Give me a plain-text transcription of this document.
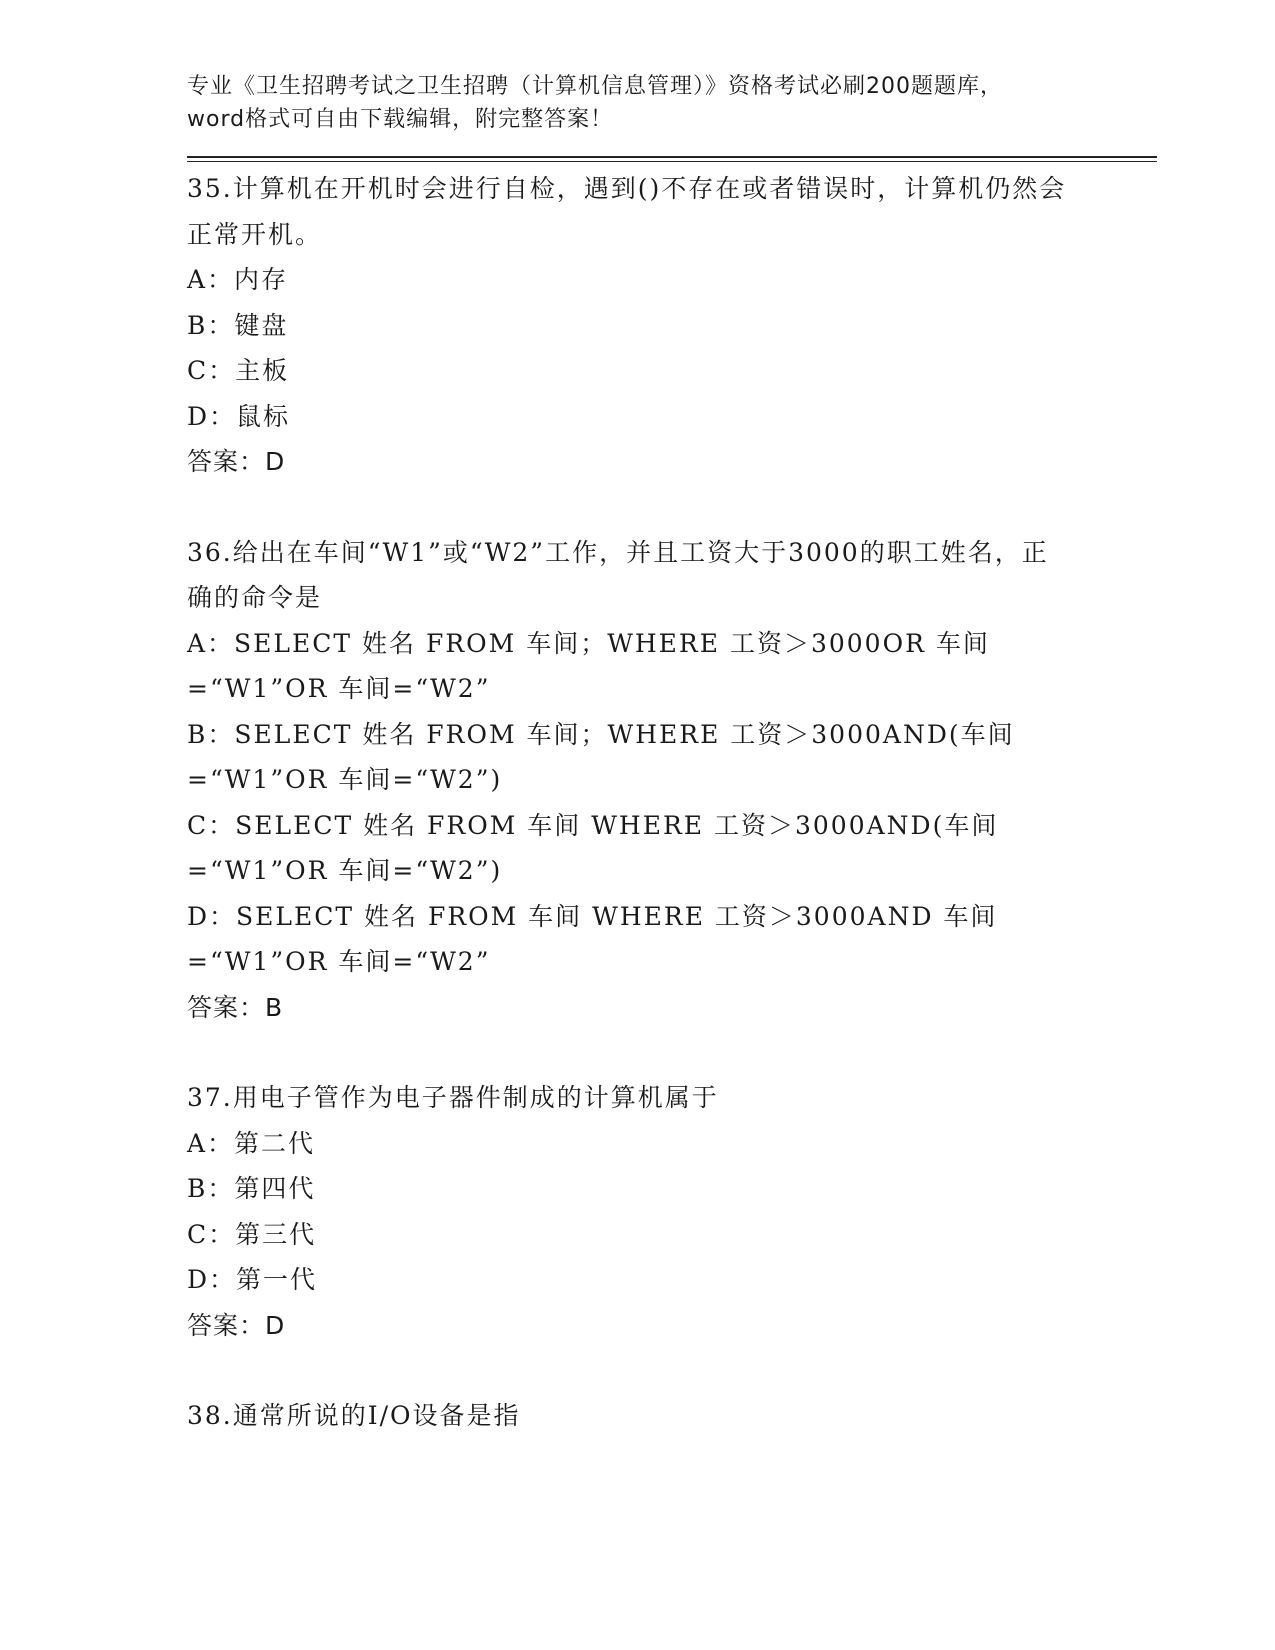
专业《卫生招聘考试之卫生招聘（计算机信息管理）》资格考试必刷200题题库，
word格式可自由下载编辑，附完整答案！
35.计算机在开机时会进行自检，遇到()不存在或者错误时，计算机仍然会正常开机。
A：内存
B：键盘
C：主板
D：鼠标
答案：D
36.给出在车间“W1”或“W2”工作，并且工资大于3000的职工姓名，正确的命令是
A：SELECT 姓名 FROM 车间；WHERE 工资＞3000OR 车间=“W1”OR 车间=“W2”
B：SELECT 姓名 FROM 车间；WHERE 工资＞3000AND(车间=“W1”OR 车间=“W2”)
C：SELECT 姓名 FROM 车间 WHERE 工资＞3000AND(车间=“W1”OR 车间=“W2”)
D：SELECT 姓名 FROM 车间 WHERE 工资＞3000AND 车间=“W1”OR 车间=“W2”
答案：B
37.用电子管作为电子器件制成的计算机属于
A：第二代
B：第四代
C：第三代
D：第一代
答案：D
38.通常所说的I/O设备是指
